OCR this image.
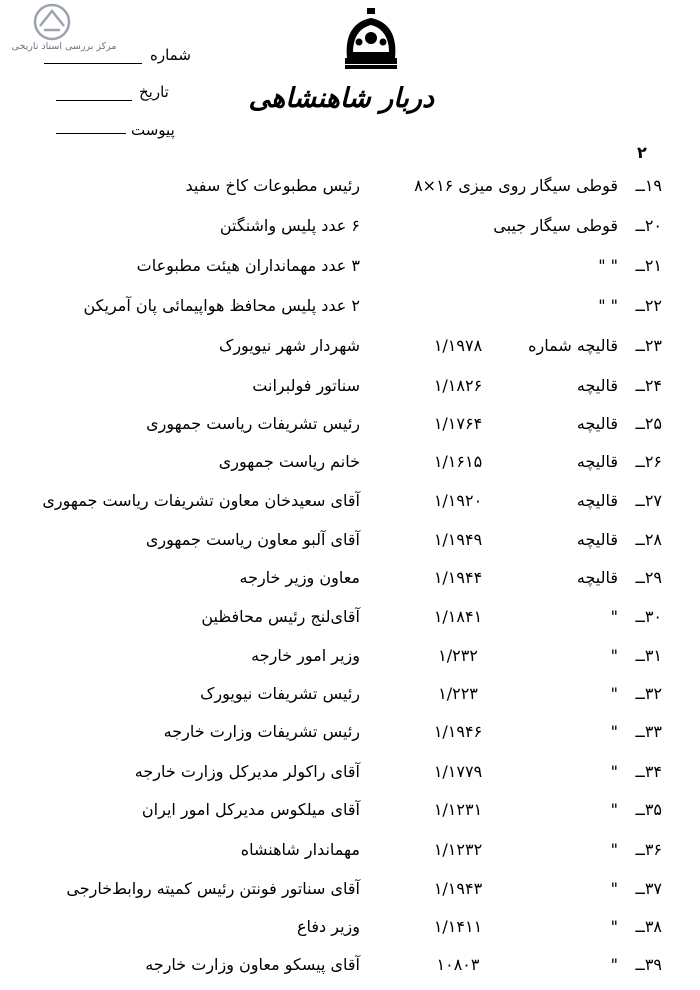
مرکز بررسی اسناد تاریخی	شماره
تاریخ
پیوست
دربار شاهنشاهی
۲
۱۹ــ
قوطی سیگار روی میزی ۱۶×۸
رئیس مطبوعات کاخ سفید
۲۰ــ
قوطی سیگار جیبی
۶ عدد پلیس واشنگتن
۲۱ــ
" "
۳ عدد مهمانداران هیئت مطبوعات
۲۲ــ
" "
۲ عدد پلیس محافظ هواپیمائی پان آمریکن
۲۳ــ
قالیچه شماره
۱/۱۹۷۸
شهردار شهر نیویورک
۲۴ــ
قالیچه
۱/۱۸۲۶
سناتور فولبرانت
۲۵ــ
قالیچه
۱/۱۷۶۴
رئیس تشریفات ریاست جمهوری
۲۶ــ
قالیچه
۱/۱۶۱۵
خانم ریاست جمهوری
۲۷ــ
قالیچه
۱/۱۹۲۰
آقای سعیدخان معاون تشریفات ریاست جمهوری
۲۸ــ
قالیچه
۱/۱۹۴۹
آقای آلبو معاون ریاست جمهوری
۲۹ــ
قالیچه
۱/۱۹۴۴
معاون وزیر خارجه
۳۰ــ
"
۱/۱۸۴۱
آقای‌لنج رئیس محافظین
۳۱ــ
"
۱/۲۳۲
وزیر امور خارجه
۳۲ــ
"
۱/۲۲۳
رئیس تشریفات نیویورک
۳۳ــ
"
۱/۱۹۴۶
رئیس تشریفات وزارت خارجه
۳۴ــ
"
۱/۱۷۷۹
آقای راکولر مدیرکل وزارت خارجه
۳۵ــ
"
۱/۱۲۳۱
آقای میلکوس مدیرکل امور ایران
۳۶ــ
"
۱/۱۲۳۲
مهماندار شاهنشاه
۳۷ــ
"
۱/۱۹۴۳
آقای سناتور فونتن رئیس کمیته روابط‌خارجی
۳۸ــ
"
۱/۱۴۱۱
وزیر دفاع
۳۹ــ
"
۱۰۸۰۳
آقای پیسکو معاون وزارت خارجه
